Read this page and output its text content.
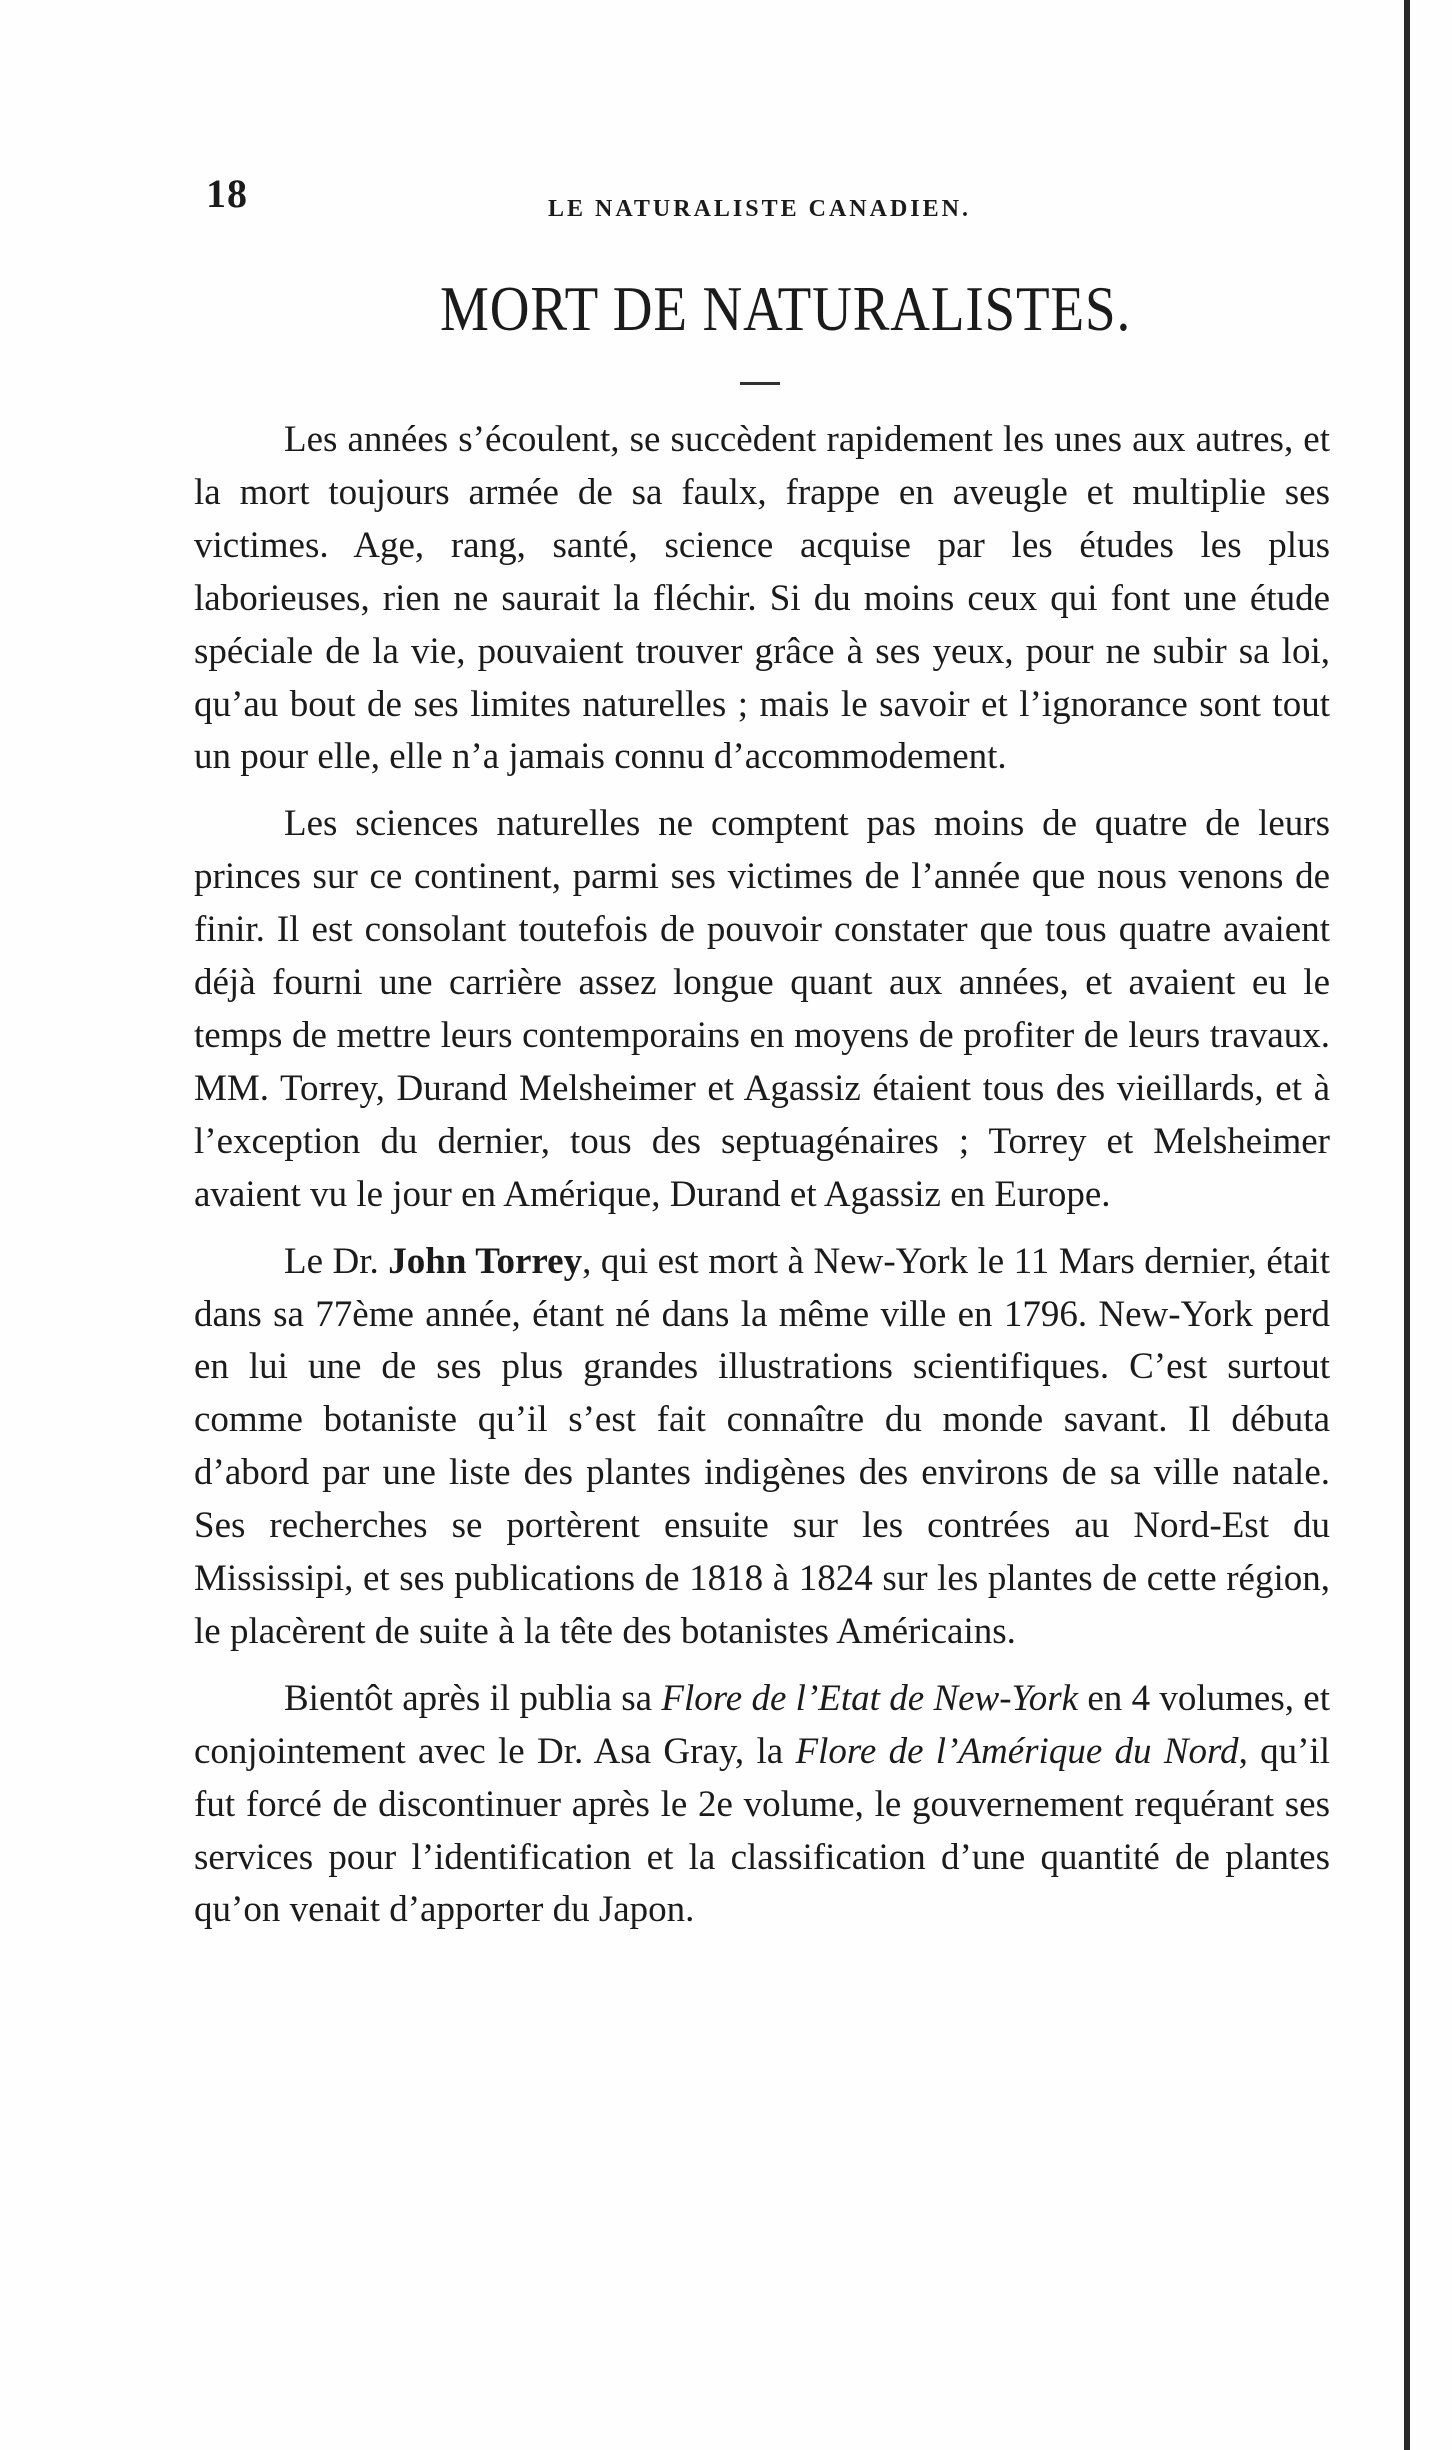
18	LE NATURALISTE CANADIEN.
MORT DE NATURALISTES.

Les années s’écoulent, se succèdent rapidement les unes aux autres, et la mort toujours armée de sa faulx, frappe en aveugle et multiplie ses victimes. Age, rang, santé, science acquise par les études les plus laborieuses, rien ne saurait la fléchir. Si du moins ceux qui font une étude spéciale de la vie, pouvaient trouver grâce à ses yeux, pour ne subir sa loi, qu’au bout de ses limites naturelles ; mais le savoir et l’ignorance sont tout un pour elle, elle n’a jamais connu d’accommodement.

Les sciences naturelles ne comptent pas moins de quatre de leurs princes sur ce continent, parmi ses victimes de l’année que nous venons de finir. Il est consolant toutefois de pouvoir constater que tous quatre avaient déjà fourni une carrière assez longue quant aux années, et avaient eu le temps de mettre leurs contemporains en moyens de profiter de leurs travaux. MM. Torrey, Durand Melsheimer et Agassiz étaient tous des vieillards, et à l’exception du dernier, tous des septuagénaires ; Torrey et Melsheimer avaient vu le jour en Amérique, Durand et Agassiz en Europe.

Le Dr. John Torrey, qui est mort à New-York le 11 Mars dernier, était dans sa 77ème année, étant né dans la même ville en 1796. New-York perd en lui une de ses plus grandes illustrations scientifiques. C’est surtout comme botaniste qu’il s’est fait connaître du monde savant. Il débuta d’abord par une liste des plantes indigènes des environs de sa ville natale. Ses recherches se portèrent ensuite sur les contrées au Nord-Est du Mississipi, et ses publications de 1818 à 1824 sur les plantes de cette région, le placèrent de suite à la tête des botanistes Américains.

Bientôt après il publia sa Flore de l’Etat de New-York en 4 volumes, et conjointement avec le Dr. Asa Gray, la Flore de l’Amérique du Nord, qu’il fut forcé de discontinuer après le 2e volume, le gouvernement requérant ses services pour l’identification et la classification d’une quantité de plantes qu’on venait d’apporter du Japon.
